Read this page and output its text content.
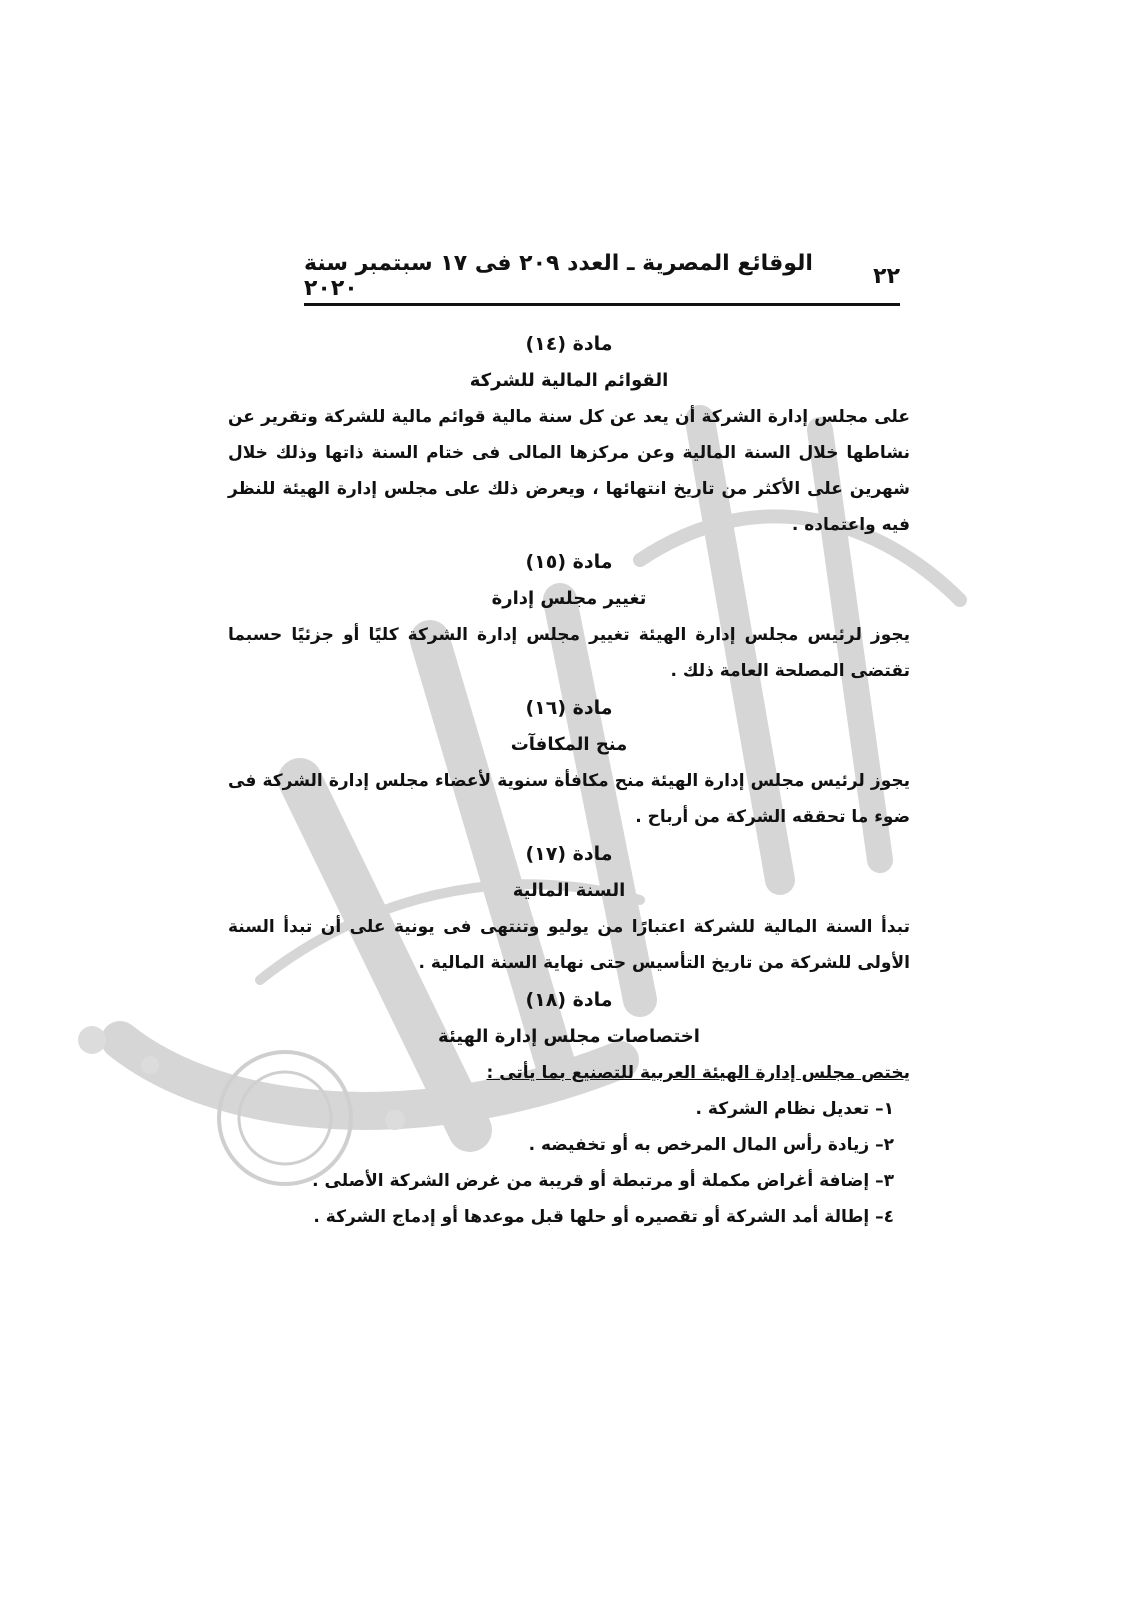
الوقائع المصرية ـ العدد ٢٠٩ فى ١٧ سبتمبر سنة ٢٠٢٠	٢٢
مادة (١٤)
القوائم المالية للشركة

على مجلس إدارة الشركة أن يعد عن كل سنة مالية قوائم مالية للشركة وتقرير عن نشاطها خلال السنة المالية وعن مركزها المالى فى ختام السنة ذاتها وذلك خلال شهرين على الأكثر من تاريخ انتهائها ، ويعرض ذلك على مجلس إدارة الهيئة للنظر فيه واعتماده .

مادة (١٥)
تغيير مجلس إدارة

يجوز لرئيس مجلس إدارة الهيئة تغيير مجلس إدارة الشركة كليًا أو جزئيًا حسبما تقتضى المصلحة العامة ذلك .

مادة (١٦)
منح المكافآت

يجوز لرئيس مجلس إدارة الهيئة منح مكافأة سنوية لأعضاء مجلس إدارة الشركة فى ضوء ما تحققه الشركة من أرباح .

مادة (١٧)
السنة المالية

تبدأ السنة المالية للشركة اعتبارًا من يوليو وتنتهى فى يونية على أن تبدأ السنة الأولى للشركة من تاريخ التأسيس حتى نهاية السنة المالية .

مادة (١٨)
اختصاصات مجلس إدارة الهيئة

يختص مجلس إدارة الهيئة العربية للتصنيع بما يأتى :

١– تعديل نظام الشركة .

٢– زيادة رأس المال المرخص به أو تخفيضه .

٣– إضافة أغراض مكملة أو مرتبطة أو قريبة من غرض الشركة الأصلى .

٤– إطالة أمد الشركة أو تقصيره أو حلها قبل موعدها أو إدماج الشركة .
